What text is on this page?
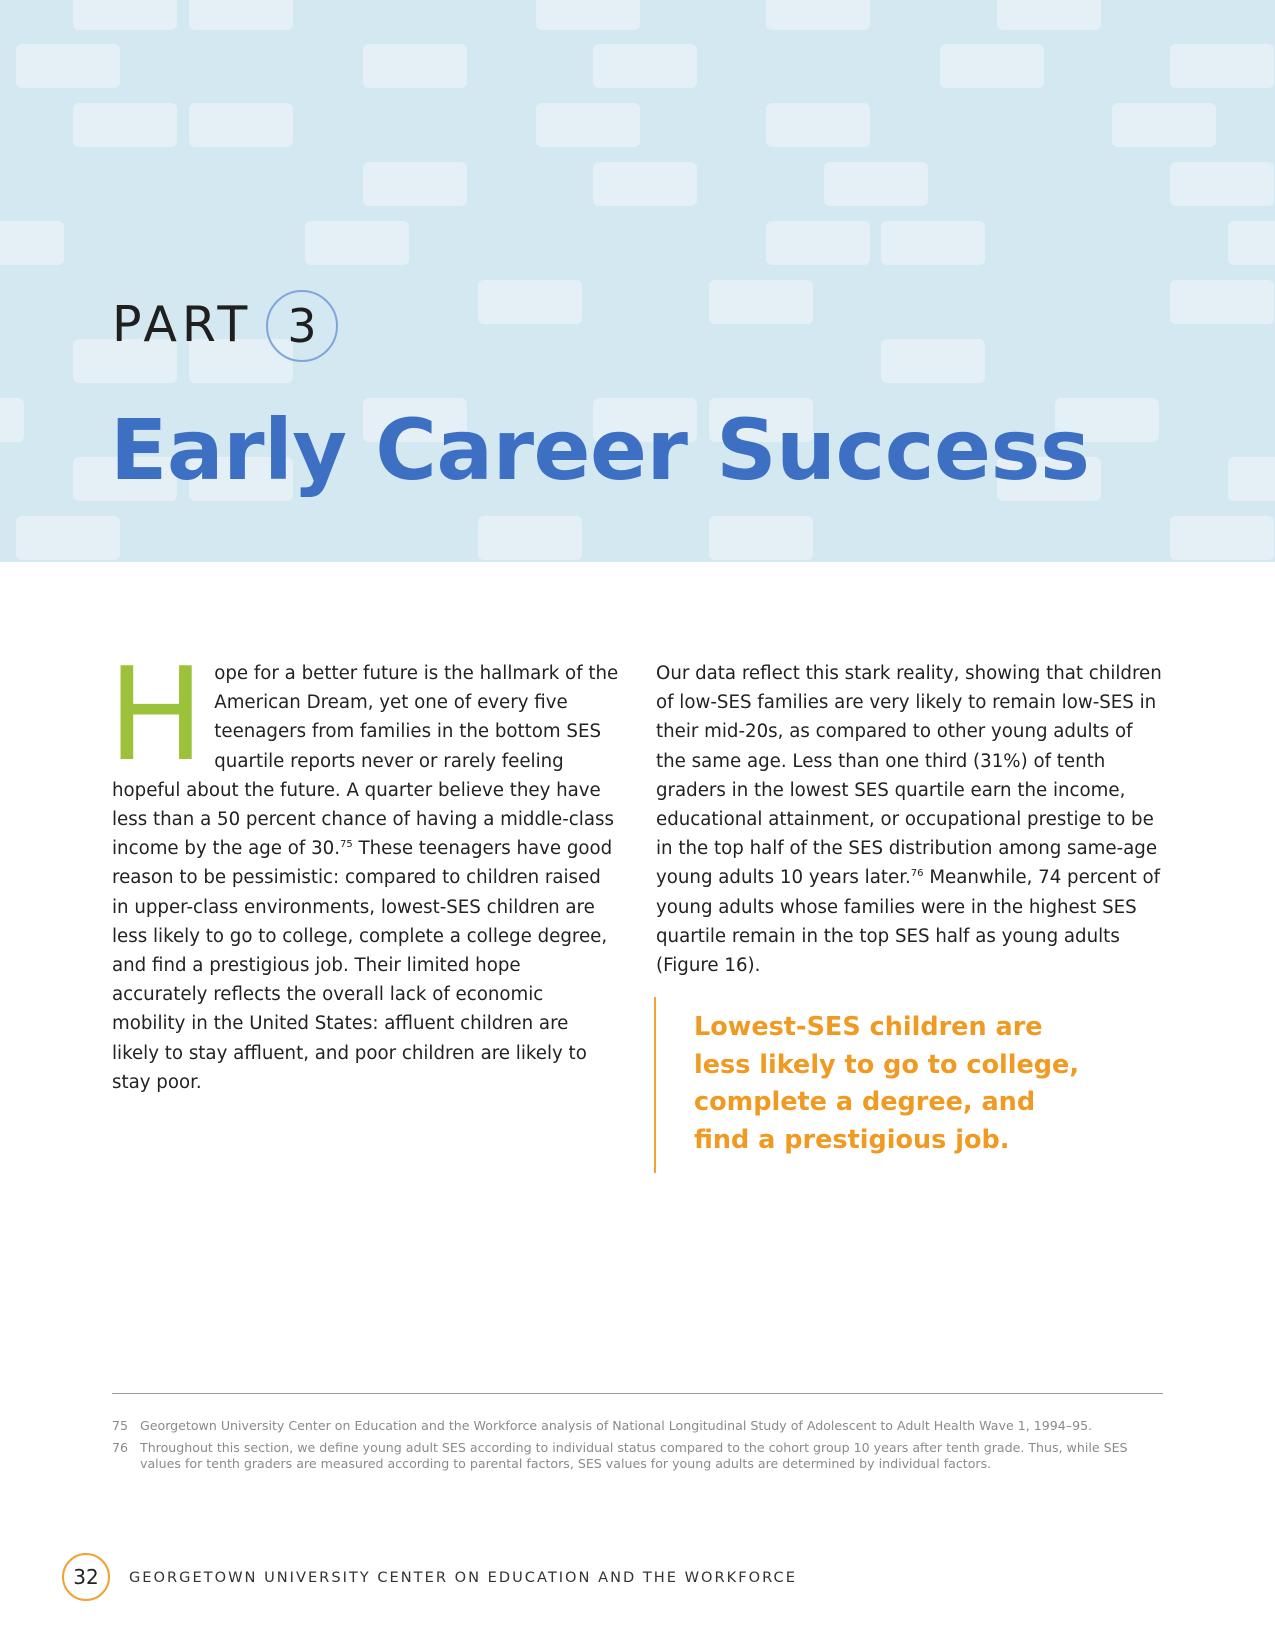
PART 3
Early Career Success

Hope for a better future is the hallmark of the American Dream, yet one of every five teenagers from families in the bottom SES quartile reports never or rarely feeling hopeful about the future. A quarter believe they have less than a 50 percent chance of having a middle-class income by the age of 30.75 These teenagers have good reason to be pessimistic: compared to children raised in upper-class environments, lowest-SES children are less likely to go to college, complete a college degree, and find a prestigious job. Their limited hope accurately reflects the overall lack of economic mobility in the United States: affluent children are likely to stay affluent, and poor children are likely to stay poor.

Our data reflect this stark reality, showing that children of low-SES families are very likely to remain low-SES in their mid-20s, as compared to other young adults of the same age. Less than one third (31%) of tenth graders in the lowest SES quartile earn the income, educational attainment, or occupational prestige to be in the top half of the SES distribution among same-age young adults 10 years later.$^{76}$ Meanwhile, 74 percent of young adults whose families were in the highest SES quartile remain in the top SES half as young adults (Figure 16).

Lowest-SES children are less likely to go to college, complete a degree, and find a prestigious job.
75 Georgetown University Center on Education and the Workforce analysis of National Longitudinal Study of Adolescent to Adult Health Wave 1, 1994–95.
76 Throughout this section, we define young adult SES according to individual status compared to the cohort group 10 years after tenth grade. Thus, while SES values for tenth graders are measured according to parental factors, SES values for young adults are determined by individual factors.
32	GEORGETOWN UNIVERSITY CENTER ON EDUCATION AND THE WORKFORCE
